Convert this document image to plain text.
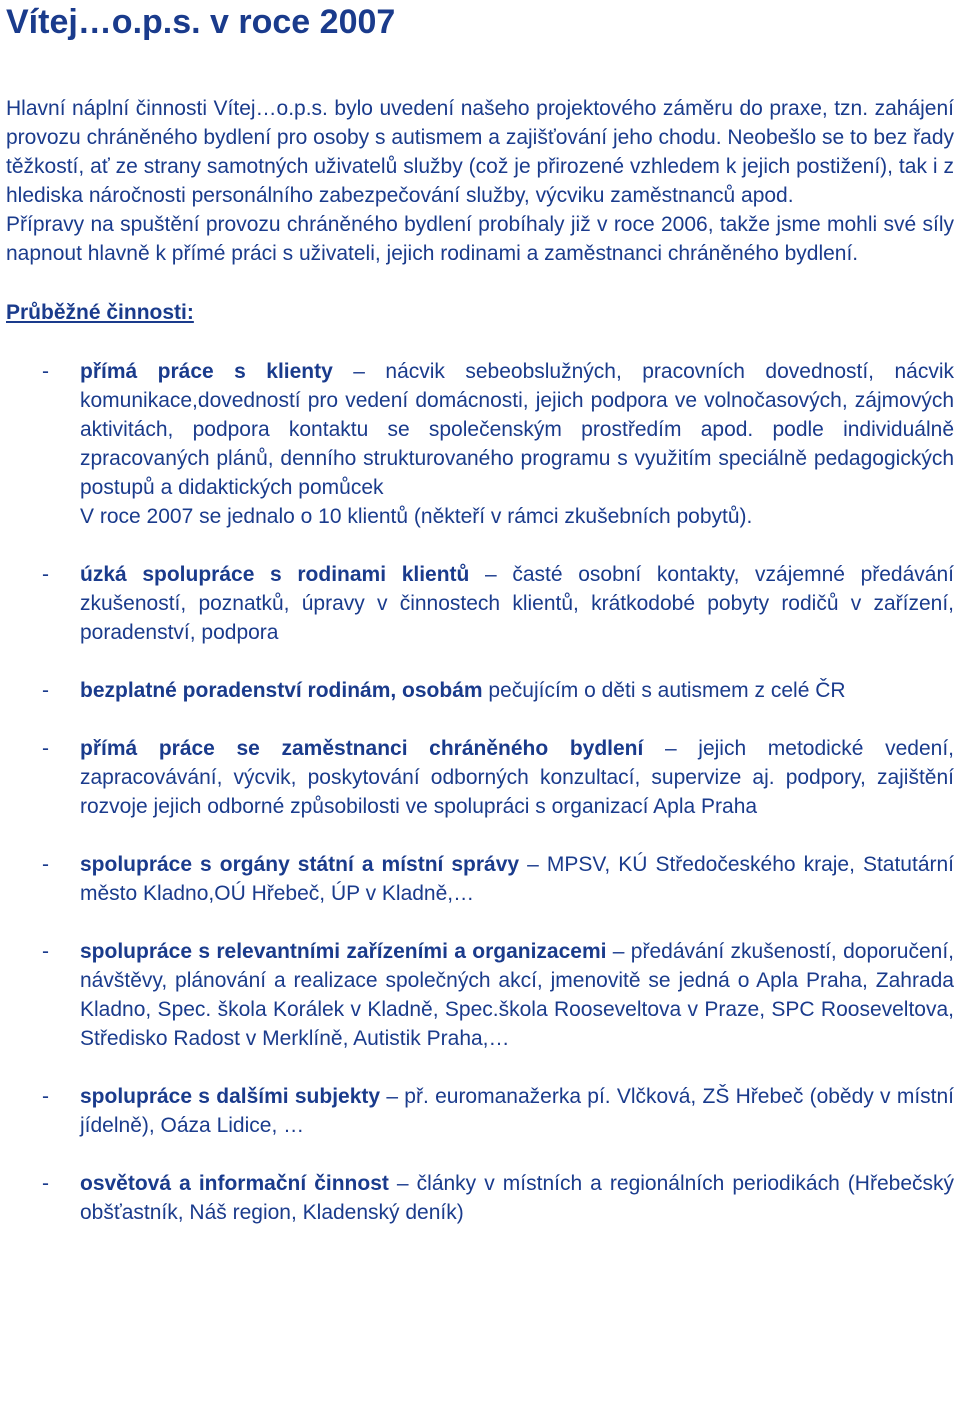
Vítej…o.p.s. v roce 2007

Hlavní náplní činnosti Vítej…o.p.s. bylo uvedení našeho projektového záměru do praxe, tzn. zahájení provozu chráněného bydlení pro osoby s autismem a zajišťování jeho chodu. Neobešlo se to bez řady těžkostí, ať ze strany samotných uživatelů služby (což je přirozené vzhledem k jejich postižení), tak i z hlediska náročnosti personálního zabezpečování služby, výcviku zaměstnanců apod.

Přípravy na spuštění provozu chráněného bydlení probíhaly již v roce 2006, takže jsme mohli své síly napnout hlavně k přímé práci s uživateli, jejich rodinami a zaměstnanci chráněného bydlení.

Průběžné činnosti:
- přímá práce s klienty – nácvik sebeobslužných, pracovních dovedností, nácvik komunikace,dovedností pro vedení domácnosti, jejich podpora ve volnočasových, zájmových aktivitách, podpora kontaktu se společenským prostředím apod. podle individuálně zpracovaných plánů, denního strukturovaného programu s využitím speciálně pedagogických postupů a didaktických pomůcek
V roce 2007 se jednalo o 10 klientů (někteří v rámci zkušebních pobytů).
- úzká spolupráce s rodinami klientů – časté osobní kontakty, vzájemné předávání zkušeností, poznatků, úpravy v činnostech klientů, krátkodobé pobyty rodičů v zařízení, poradenství, podpora
- bezplatné poradenství rodinám, osobám pečujícím o děti s autismem z celé ČR
- přímá práce se zaměstnanci chráněného bydlení – jejich metodické vedení, zapracovávání, výcvik, poskytování odborných konzultací, supervize aj. podpory, zajištění rozvoje jejich odborné způsobilosti ve spolupráci s organizací Apla Praha
- spolupráce s orgány státní a místní správy – MPSV, KÚ Středočeského kraje, Statutární město Kladno,OÚ Hřebeč, ÚP v Kladně,…
- spolupráce s relevantními zařízeními a organizacemi – předávání zkušeností, doporučení, návštěvy, plánování a realizace společných akcí, jmenovitě se jedná o Apla Praha, Zahrada Kladno, Spec. škola Korálek v Kladně, Spec.škola Rooseveltova v Praze, SPC Rooseveltova, Středisko Radost v Merklíně, Autistik Praha,…
- spolupráce s dalšími subjekty – př. euromanažerka pí. Vlčková, ZŠ Hřebeč (obědy v místní jídelně), Oáza Lidice, …
- osvětová a informační činnost – články v místních a regionálních periodikách (Hřebečský obšťastník, Náš region, Kladenský deník)
